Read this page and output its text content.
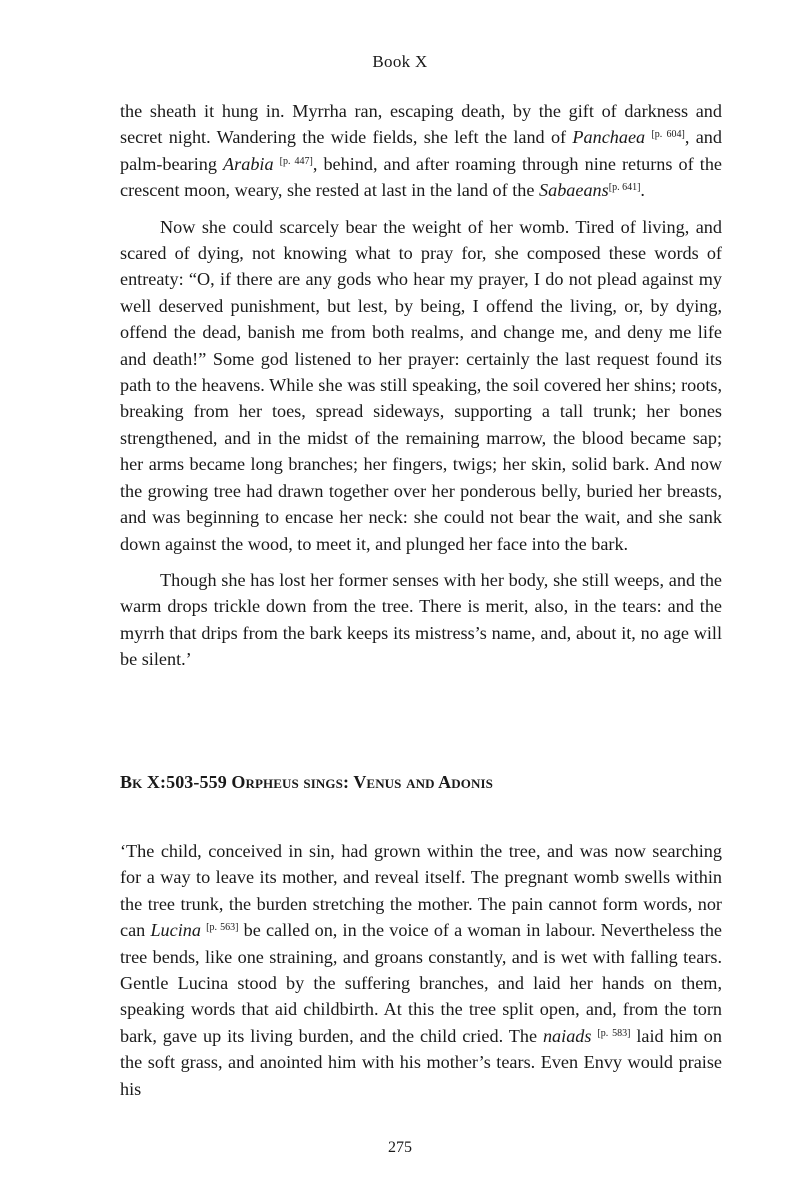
Book X

the sheath it hung in. Myrrha ran, escaping death, by the gift of darkness and secret night. Wandering the wide fields, she left the land of Panchaea [p. 604], and palm-bearing Arabia [p. 447], behind, and after roaming through nine returns of the crescent moon, weary, she rested at last in the land of the Sabaeans[p. 641].

Now she could scarcely bear the weight of her womb. Tired of living, and scared of dying, not knowing what to pray for, she composed these words of entreaty: “O, if there are any gods who hear my prayer, I do not plead against my well deserved punishment, but lest, by being, I offend the living, or, by dying, offend the dead, banish me from both realms, and change me, and deny me life and death!” Some god listened to her prayer: certainly the last request found its path to the heavens. While she was still speaking, the soil covered her shins; roots, breaking from her toes, spread sideways, supporting a tall trunk; her bones strengthened, and in the midst of the remaining marrow, the blood became sap; her arms became long branches; her fingers, twigs; her skin, solid bark. And now the growing tree had drawn together over her ponderous belly, buried her breasts, and was beginning to encase her neck: she could not bear the wait, and she sank down against the wood, to meet it, and plunged her face into the bark.

Though she has lost her former senses with her body, she still weeps, and the warm drops trickle down from the tree. There is merit, also, in the tears: and the myrrh that drips from the bark keeps its mistress’s name, and, about it, no age will be silent.’

Bk X:503-559 Orpheus sings: Venus and Adonis

‘The child, conceived in sin, had grown within the tree, and was now searching for a way to leave its mother, and reveal itself. The pregnant womb swells within the tree trunk, the burden stretching the mother. The pain cannot form words, nor can Lucina [p. 563] be called on, in the voice of a woman in labour. Nevertheless the tree bends, like one straining, and groans constantly, and is wet with falling tears. Gentle Lucina stood by the suffering branches, and laid her hands on them, speaking words that aid childbirth. At this the tree split open, and, from the torn bark, gave up its living burden, and the child cried. The naiads [p. 583] laid him on the soft grass, and anointed him with his mother’s tears. Even Envy would praise his

275
